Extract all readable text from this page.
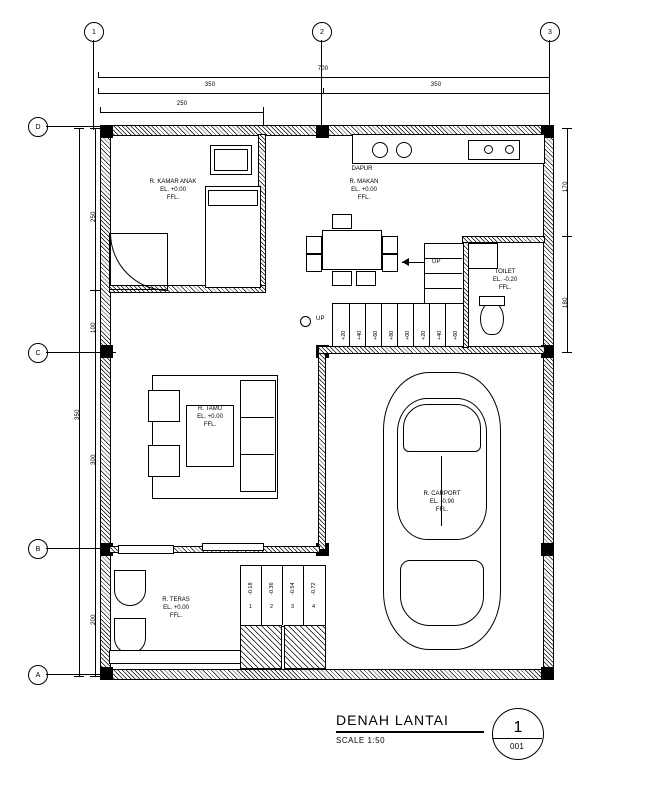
1	2	3
D
C
B
A
700
350	350
250
350
250
100
300
200
170
180
R. KAMAR ANAK
EL. +0.00
FFL.
DAPUR
R. MAKAN
EL. +0.00
FFL.
TOILET
EL. -0.20
FFL.
UP
+20 +40 +60 +80 +00 +20 +40 +60
UP
R. TAMU
EL. +0.00
FFL.
R. CARPORT
EL. -0.90
FFL.
R. TERAS
EL. +0.00
FFL.
-0.18	-0.36	-0.54	-0.72
1	2	3	4
DENAH LANTAI
SCALE 1:50
1
001
